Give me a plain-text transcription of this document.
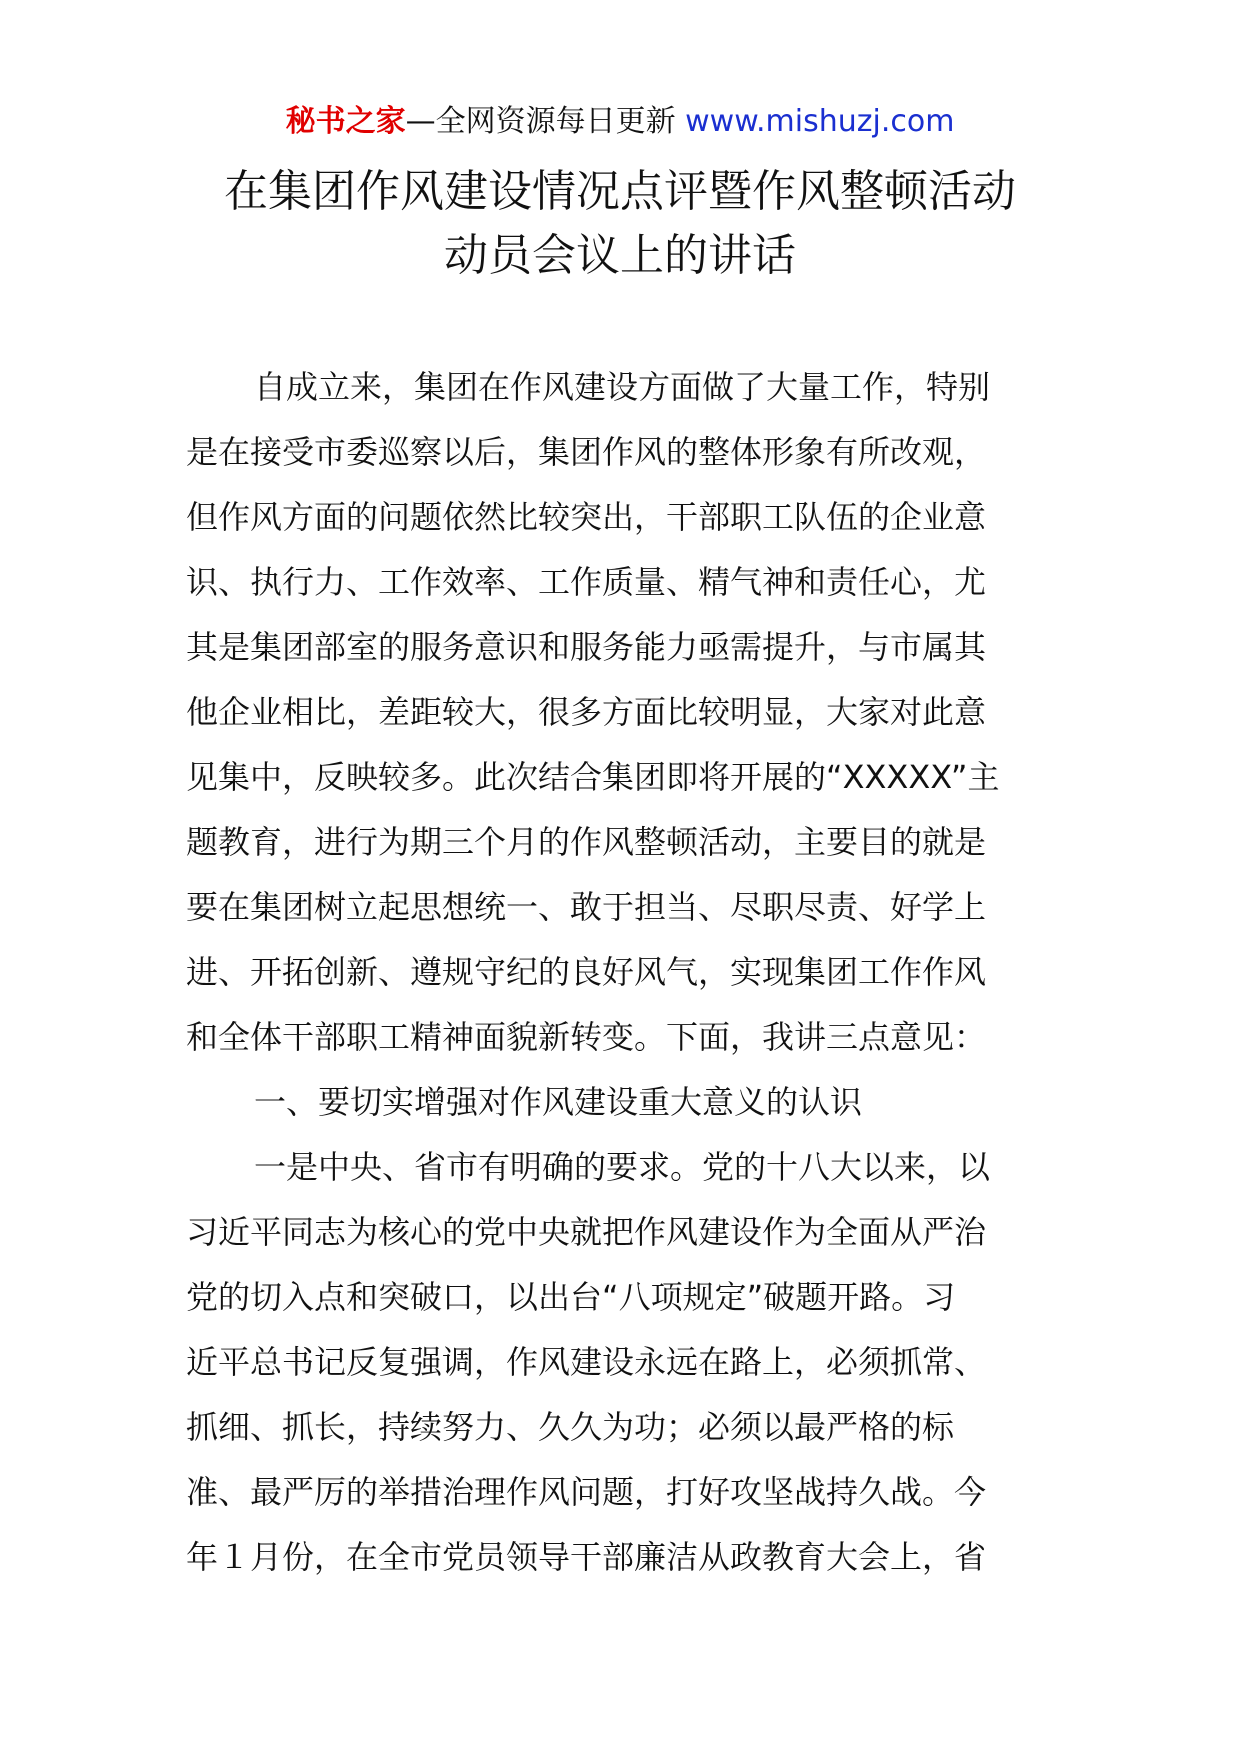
秘书之家—全网资源每日更新 www.mishuzj.com
在集团作风建设情况点评暨作风整顿活动
动员会议上的讲话
自成立来，集团在作风建设方面做了大量工作，特别
是在接受市委巡察以后，集团作风的整体形象有所改观，
但作风方面的问题依然比较突出，干部职工队伍的企业意
识、执行力、工作效率、工作质量、精气神和责任心，尤
其是集团部室的服务意识和服务能力亟需提升，与市属其
他企业相比，差距较大，很多方面比较明显，大家对此意
见集中，反映较多。此次结合集团即将开展的“XXXXX”主
题教育，进行为期三个月的作风整顿活动，主要目的就是
要在集团树立起思想统一、敢于担当、尽职尽责、好学上
进、开拓创新、遵规守纪的良好风气，实现集团工作作风
和全体干部职工精神面貌新转变。下面，我讲三点意见：
一、要切实增强对作风建设重大意义的认识
一是中央、省市有明确的要求。党的十八大以来，以
习近平同志为核心的党中央就把作风建设作为全面从严治
党的切入点和突破口，以出台“八项规定”破题开路。习
近平总书记反复强调，作风建设永远在路上，必须抓常、
抓细、抓长，持续努力、久久为功；必须以最严格的标
准、最严厉的举措治理作风问题，打好攻坚战持久战。今
年１月份，在全市党员领导干部廉洁从政教育大会上，省
